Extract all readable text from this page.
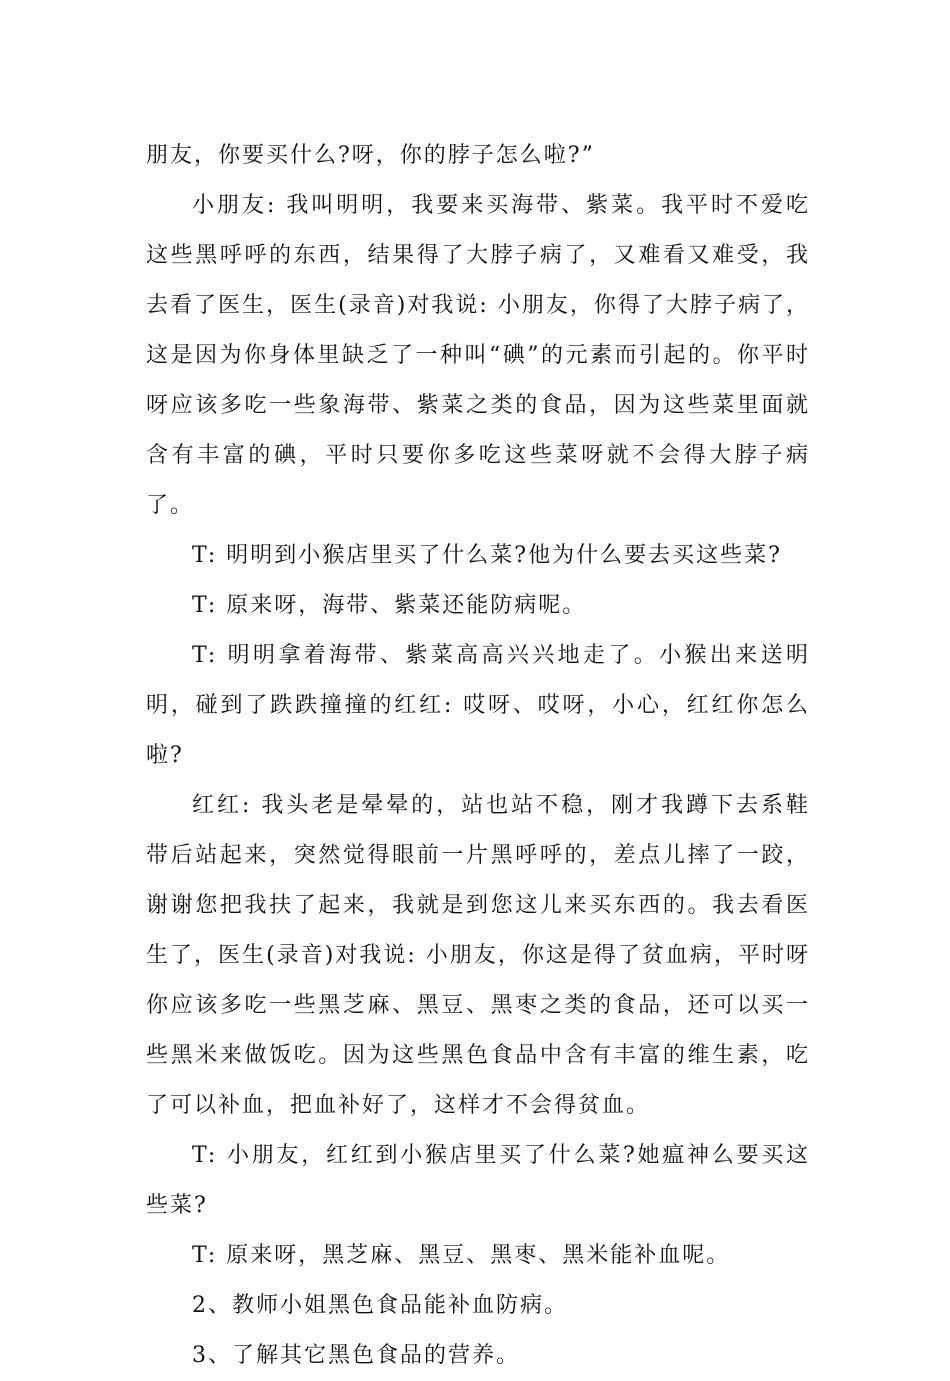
朋友，你要买什么?呀，你的脖子怎么啦?”

小朋友: 我叫明明，我要来买海带、紫菜。我平时不爱吃这些黑呼呼的东西，结果得了大脖子病了，又难看又难受，我去看了医生，医生(录音)对我说: 小朋友，你得了大脖子病了，这是因为你身体里缺乏了一种叫“碘”的元素而引起的。你平时呀应该多吃一些象海带、紫菜之类的食品，因为这些菜里面就含有丰富的碘，平时只要你多吃这些菜呀就不会得大脖子病了。

T: 明明到小猴店里买了什么菜?他为什么要去买这些菜?

T: 原来呀，海带、紫菜还能防病呢。

T: 明明拿着海带、紫菜高高兴兴地走了。小猴出来送明明，碰到了跌跌撞撞的红红: 哎呀、哎呀，小心，红红你怎么啦?

红红: 我头老是晕晕的，站也站不稳，刚才我蹲下去系鞋带后站起来，突然觉得眼前一片黑呼呼的，差点儿摔了一跤，谢谢您把我扶了起来，我就是到您这儿来买东西的。我去看医生了，医生(录音)对我说: 小朋友，你这是得了贫血病，平时呀你应该多吃一些黑芝麻、黑豆、黑枣之类的食品，还可以买一些黑米来做饭吃。因为这些黑色食品中含有丰富的维生素，吃了可以补血，把血补好了，这样才不会得贫血。

T: 小朋友，红红到小猴店里买了什么菜?她瘟神么要买这些菜?

T: 原来呀，黑芝麻、黑豆、黑枣、黑米能补血呢。

2、教师小姐黑色食品能补血防病。

3、了解其它黑色食品的营养。
